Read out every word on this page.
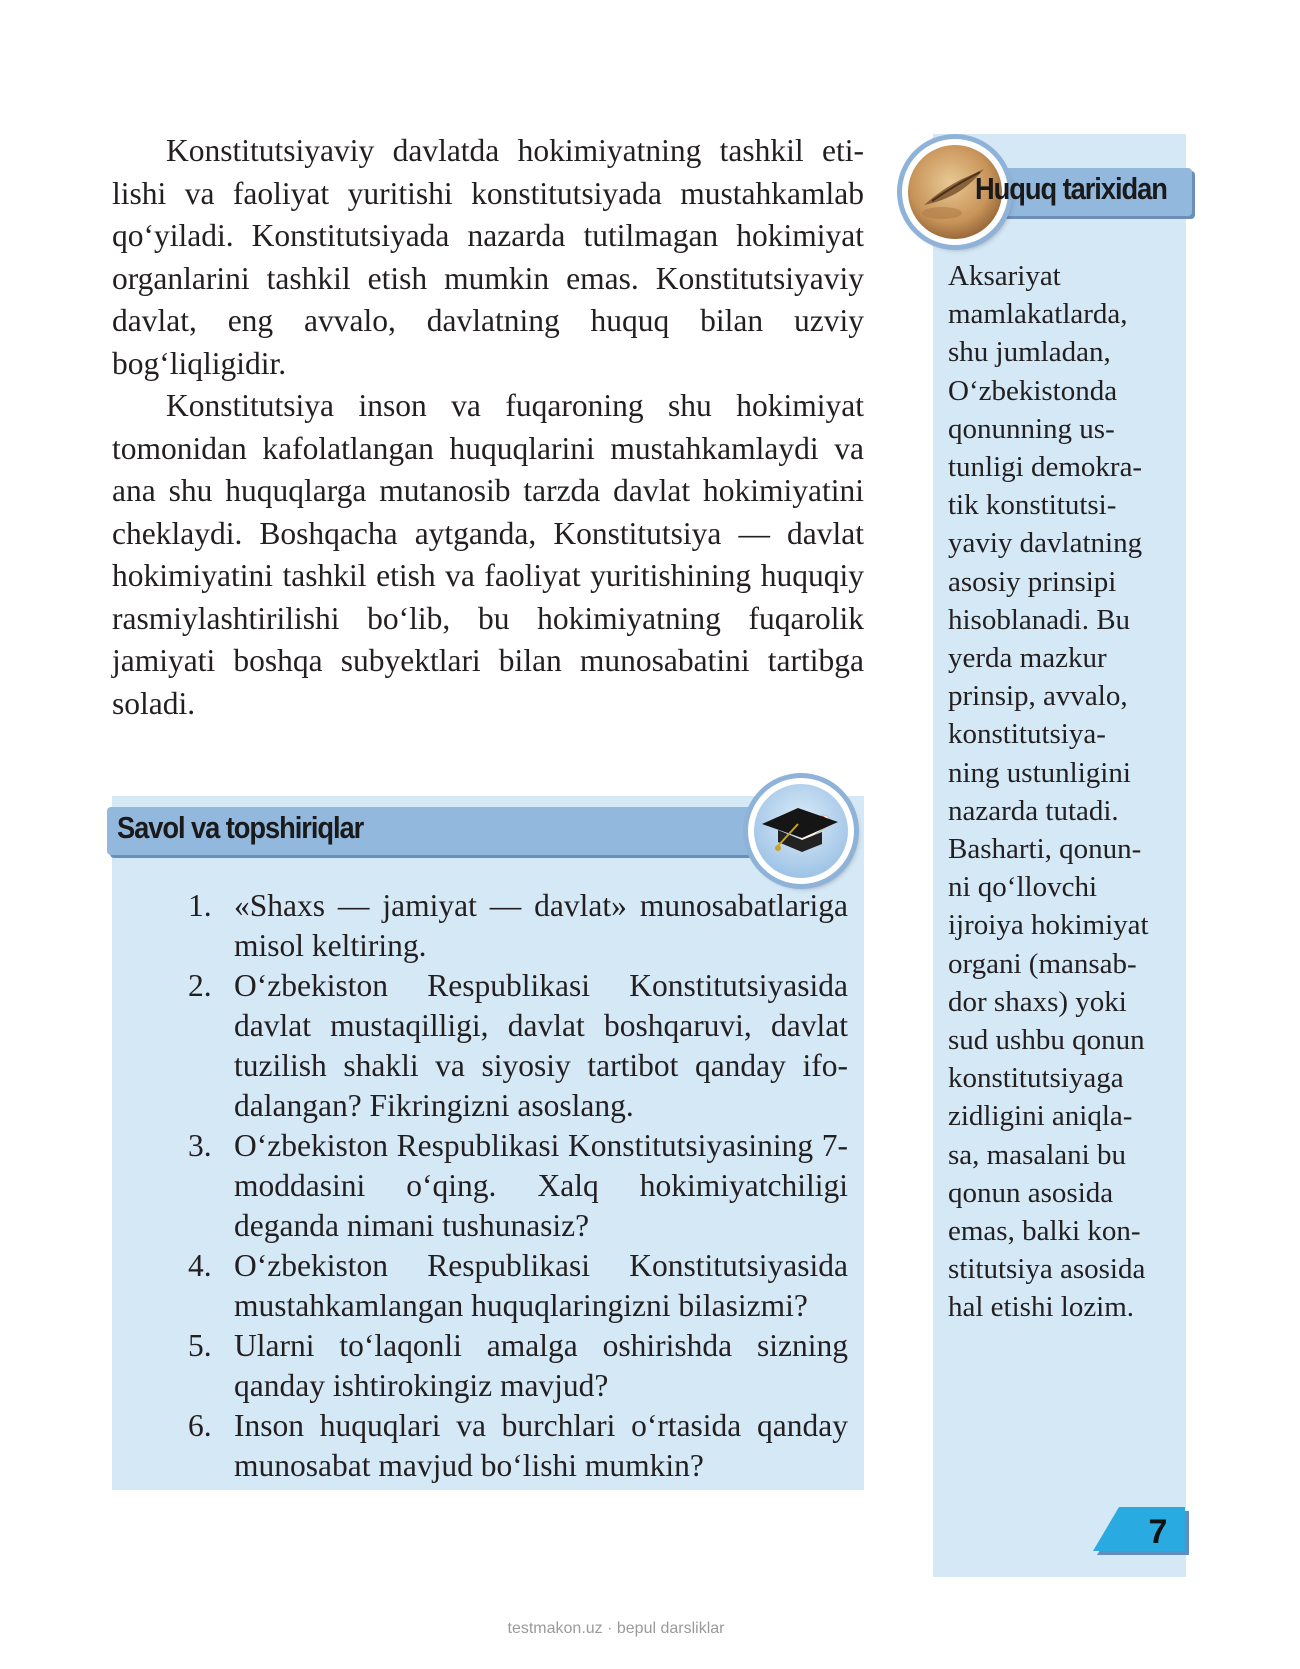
Konstitutsiyaviy davlatda hokimiyatning tashkil etilishi va faoliyat yuritishi konstitutsiyada mustahkamlab qo‘yiladi. Konstitutsiyada nazarda tutilmagan hokimiyat organlarini tashkil etish mumkin emas. Konstitutsiyaviy davlat, eng avvalo, davlatning huquq bilan uzviy bog‘liqligidir.

Konstitutsiya inson va fuqaroning shu hokimiyat tomonidan kafolatlangan huquqlarini mustahkamlaydi va ana shu huquqlarga mutanosib tarzda davlat hokimiyatini cheklaydi. Boshqacha aytganda, Konstitutsiya — davlat hokimiyatini tashkil etish va faoliyat yuritishining huquqiy rasmiylashtirilishi bo‘lib, bu hokimiyatning fuqarolik jamiyati boshqa subyektlari bilan munosabatini tartibga soladi.

Huquq tarixidan
Aksariyat
mamlakatlarda,
shu jumladan,
O‘zbekistonda
qonunning us-
tunligi demokra-
tik konstitutsi-
yaviy davlatning
asosiy prinsipi
hisoblanadi. Bu
yerda mazkur
prinsip, avvalo,
konstitutsiya-
ning ustunligini
nazarda tutadi.
Basharti, qonun-
ni qo‘llovchi
ijroiya hokimiyat
organi (mansab-
dor shaxs) yoki
sud ushbu qonun
konstitutsiyaga
zidligini aniqla-
sa, masalani bu
qonun asosida
emas, balki kon-
stitutsiya asosida
hal etishi lozim.
7
Savol va topshiriqlar
1. «Shaxs — jamiyat — davlat» munosabatlariga misol keltiring.
2. O‘zbekiston Respublikasi Konstitutsiyasida davlat mustaqilligi, davlat boshqaruvi, davlat tuzilish shakli va siyosiy tartibot qanday ifodalangan? Fikringizni asoslang.
3. O‘zbekiston Respublikasi Konstitutsiyasining 7-moddasini o‘qing. Xalq hokimiyatchiligi deganda nimani tushunasiz?
4. O‘zbekiston Respublikasi Konstitutsiyasida mustahkamlangan huquqlaringizni bilasizmi?
5. Ularni to‘laqonli amalga oshirishda sizning qanday ishtirokingiz mavjud?
6. Inson huquqlari va burchlari o‘rtasida qanday munosabat mavjud bo‘lishi mumkin?
testmakon.uz · bepul darsliklar
